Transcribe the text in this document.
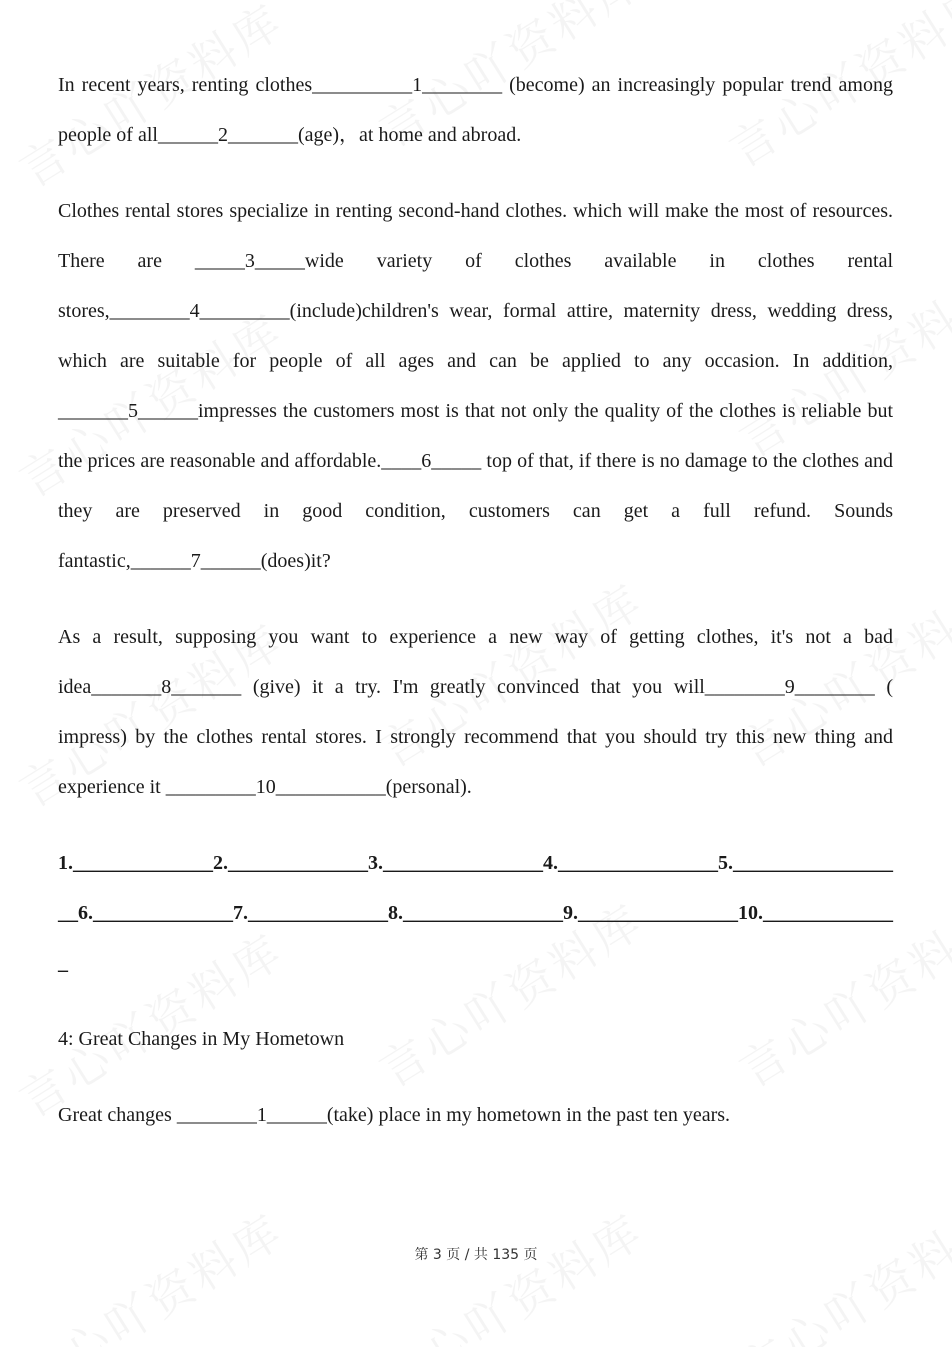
In recent years, renting clothes__________1________ (become) an increasingly popular trend among people of all______2_______(age)，at home and abroad.

Clothes rental stores specialize in renting second-hand clothes. which will make the most of resources. There are _____3_____wide variety of clothes available in clothes rental stores,________4_________(include)children's wear, formal attire, maternity dress, wedding dress, which are suitable for people of all ages and can be applied to any occasion. In addition, _______5______impresses the customers most is that not only the quality of the clothes is reliable but the prices are reasonable and affordable.____6_____ top of that, if there is no damage to the clothes and they are preserved in good condition, customers can get a full refund. Sounds fantastic,______7______(does)it?

As a result, supposing you want to experience a new way of getting clothes, it's not a bad idea_______8_______ (give) it a try. I'm greatly convinced that you will________9________ ( impress) by the clothes rental stores. I strongly recommend that you should try this new thing and experience it _________10___________(personal).

1.______________2.______________3.________________4.________________5.__________________6.______________7.______________8.________________9.________________10.______________
4: Great Changes in My Hometown
Great changes ________1______(take) place in my hometown in the past ten years.
第 3 页 / 共 135 页
